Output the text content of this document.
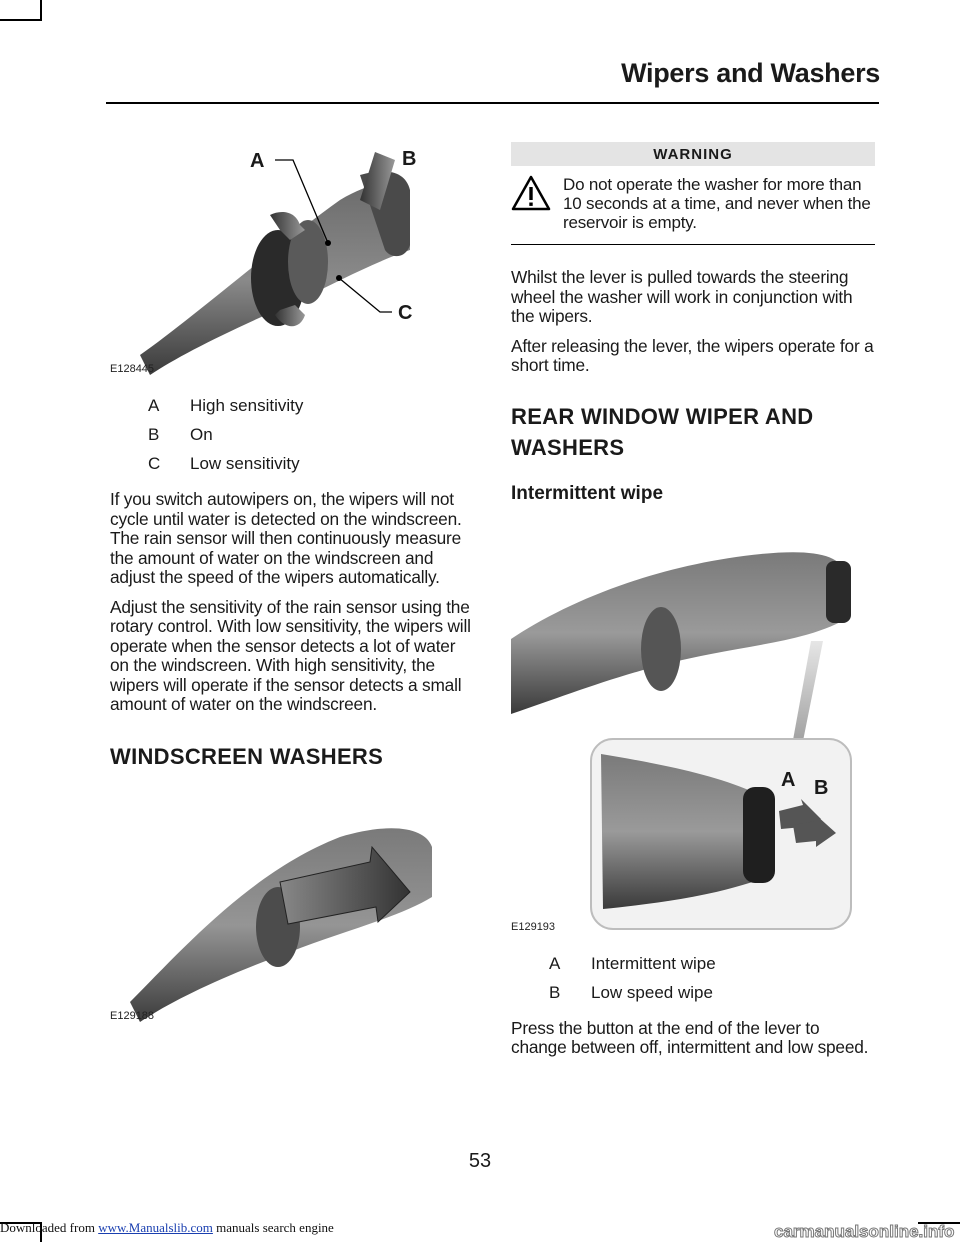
Wipers and Washers
A	B
C
E128445
A	High sensitivity
B	On
C	Low sensitivity

If you switch autowipers on, the wipers will not cycle until water is detected on the windscreen. The rain sensor will then continuously measure the amount of water on the windscreen and adjust the speed of the wipers automatically.

Adjust the sensitivity of the rain sensor using the rotary control. With low sensitivity, the wipers will operate when the sensor detects a lot of water on the windscreen. With high sensitivity, the wipers will operate if the sensor detects a small amount of water on the windscreen.

WINDSCREEN WASHERS
E129188
WARNING
Do not operate the washer for more than 10 seconds at a time, and never when the reservoir is empty.

Whilst the lever is pulled towards the steering wheel the washer will work in conjunction with the wipers.

After releasing the lever, the wipers operate for a short time.

REAR WINDOW WIPER AND
WASHERS
Intermittent wipe
A B
E129193
A	Intermittent wipe
B	Low speed wipe

Press the button at the end of the lever to change between off, intermittent and low speed.

53
Downloaded from www.Manualslib.com manuals search engine	carmanualsonline.info
